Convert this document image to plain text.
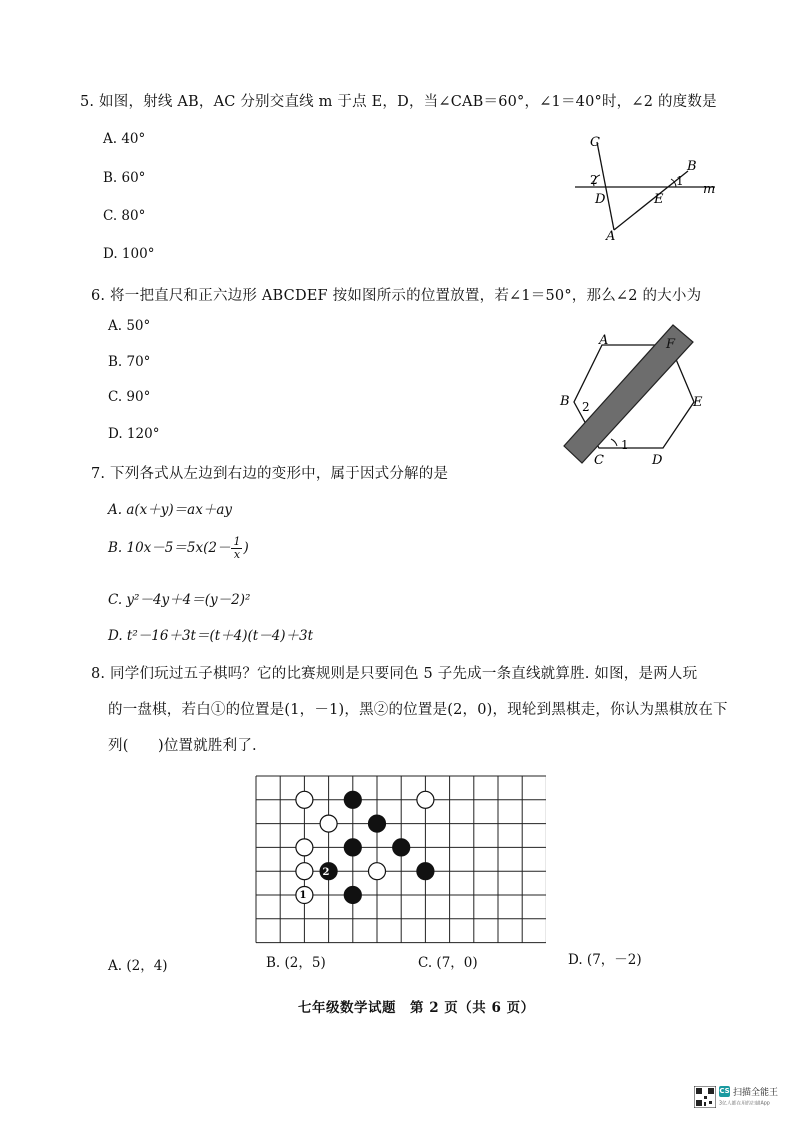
5. 如图，射线 AB，AC 分别交直线 m 于点 E，D，当∠CAB＝60°，∠1＝40°时，∠2 的度数是
A. 40°
B. 60°
C. 80°
D. 100°
C
B
2	1
m
D	E
A
6. 将一把直尺和正六边形 ABCDEF 按如图所示的位置放置，若∠1＝50°，那么∠2 的大小为
A. 50°
B. 70°
C. 90°
D. 120°
A	F
B	E
C	D
2
1
7. 下列各式从左边到右边的变形中，属于因式分解的是
A. a(x＋y)＝ax＋ay
B. $10x-5=5x(2- \frac{1}{x}$ )
C. y²－4y＋4＝(y－2)²
D. t²－16＋3t＝(t＋4)(t－4)＋3t
8. 同学们玩过五子棋吗？它的比赛规则是只要同色 5 子先成一条直线就算胜. 如图，是两人玩
的一盘棋，若白①的位置是(1，－1)，黑②的位置是(2，0)，现轮到黑棋走，你认为黑棋放在下
列(　　)位置就胜利了.
1
2
A. (2，4)	B. (2，5)	C. (7，0)	D. (7，－2)
七年级数学试题　第 2 页（共 6 页）
CS 扫描全能王
3亿人都在用的扫描App
